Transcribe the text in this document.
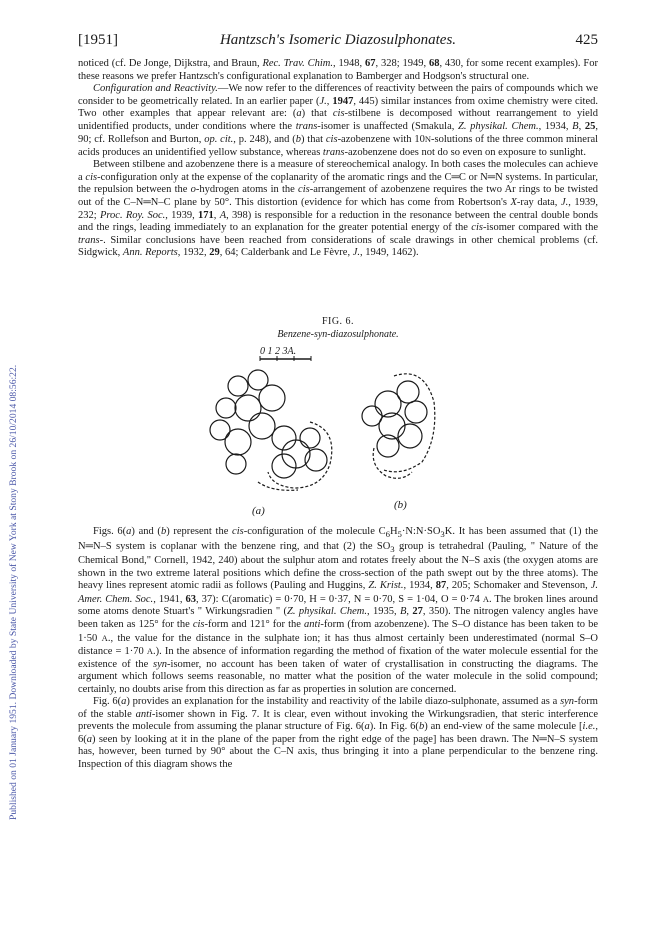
Published on 01 January 1951. Downloaded by State University of New York at Stony Brook on 26/10/2014 08:56:22.
[1951]	Hantzsch's Isomeric Diazosulphonates.	425

noticed (cf. De Jonge, Dijkstra, and Braun, Rec. Trav. Chim., 1948, 67, 328; 1949, 68, 430, for some recent examples). For these reasons we prefer Hantzsch's configurational explanation to Bamberger and Hodgson's structural one.

Configuration and Reactivity.—We now refer to the differences of reactivity between the pairs of compounds which we consider to be geometrically related. In an earlier paper (J., 1947, 445) similar instances from oxime chemistry were cited. Two other examples that appear relevant are: (a) that cis-stilbene is decomposed without rearrangement to yield unidentified products, under conditions where the trans-isomer is unaffected (Smakula, Z. physikal. Chem., 1934, B, 25, 90; cf. Rollefson and Burton, op. cit., p. 248), and (b) that cis-azobenzene with 10N-solutions of the three common mineral acids produces an unidentified yellow substance, whereas trans-azobenzene does not do so even on exposure to sunlight.

Between stilbene and azobenzene there is a measure of stereochemical analogy. In both cases the molecules can achieve a cis-configuration only at the expense of the coplanarity of the aromatic rings and the C═C or N═N systems. In particular, the repulsion between the o-hydrogen atoms in the cis-arrangement of azobenzene requires the two Ar rings to be twisted out of the C–N═N–C plane by 50°. This distortion (evidence for which has come from Robertson's X-ray data, J., 1939, 232; Proc. Roy. Soc., 1939, 171, A, 398) is responsible for a reduction in the resonance between the central double bonds and the rings, leading immediately to an explanation for the greater potential energy of the cis-isomer compared with the trans-. Similar conclusions have been reached from considerations of scale drawings in other chemical problems (cf. Sidgwick, Ann. Reports, 1932, 29, 64; Calderbank and Le Fèvre, J., 1949, 1462).

FIG. 6.
Benzene-syn-diazosulphonate.
0 1 2 3A.
(a)	(b)

Figs. 6(a) and (b) represent the cis-configuration of the molecule $C_6H_5\cdot N:N\cdot SO_3K$. It has been assumed that (1) the N═N–S system is coplanar with the benzene ring, and that (2) the $SO_3$ group is tetrahedral (Pauling, " Nature of the Chemical Bond," Cornell, 1942, 240) about the sulphur atom and rotates freely about the N–S axis (the oxygen atoms are shown in the two extreme lateral positions which define the cross-section of the path swept out by the three atoms). The heavy lines represent atomic radii as follows (Pauling and Huggins, Z. Krist., 1934, 87, 205; Schomaker and Stevenson, J. Amer. Chem. Soc., 1941, 63, 37): C(aromatic) = 0·70, H = 0·37, N = 0·70, S = 1·04, O = 0·74 A. The broken lines around some atoms denote Stuart's " Wirkungsradien " (Z. physikal. Chem., 1935, B, 27, 350). The nitrogen valency angles have been taken as 125° for the cis-form and 121° for the anti-form (from azobenzene). The S–O distance has been taken to be 1·50 A., the value for the distance in the sulphate ion; it has thus almost certainly been underestimated (normal S–O distance = 1·70 A.). In the absence of information regarding the method of fixation of the water molecule essential for the existence of the syn-isomer, no account has been taken of water of crystallisation in constructing the diagrams. The argument which follows seems reasonable, no matter what the position of the water molecule in the solid compound; certainly, no doubts arise from this direction as far as properties in solution are concerned.

Fig. 6(a) provides an explanation for the instability and reactivity of the labile diazo-sulphonate, assumed as a syn-form of the stable anti-isomer shown in Fig. 7. It is clear, even without invoking the Wirkungsradien, that steric interference prevents the molecule from assuming the planar structure of Fig. 6(a). In Fig. 6(b) an end-view of the same molecule [i.e., 6(a) seen by looking at it in the plane of the paper from the right edge of the page] has been drawn. The N═N–S system has, however, been turned by 90° about the C–N axis, thus bringing it into a plane perpendicular to the benzene ring. Inspection of this diagram shows the
